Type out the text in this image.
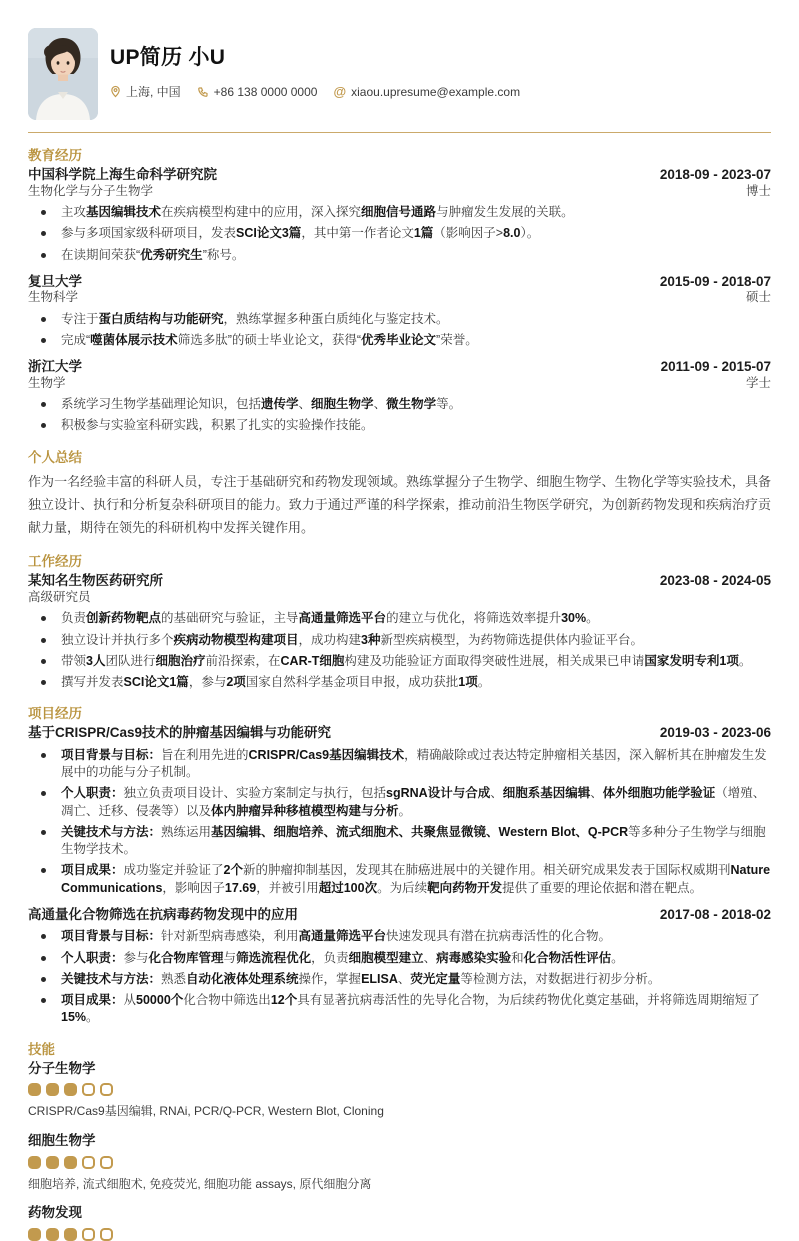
UP简历 小U
上海, 中国	+86 138 0000 0000 @ xiaou.upresume@example.com
教育经历
中国科学院上海生命科学研究院	2018-09 - 2023-07
生物化学与分子生物学	博士
主攻基因编辑技术在疾病模型构建中的应用，深入探究细胞信号通路与肿瘤发生发展的关联。
参与多项国家级科研项目，发表SCI论文3篇，其中第一作者论文1篇（影响因子>8.0）。
在读期间荣获“优秀研究生”称号。
复旦大学	2015-09 - 2018-07
生物科学	硕士
专注于蛋白质结构与功能研究，熟练掌握多种蛋白质纯化与鉴定技术。
完成“噬菌体展示技术筛选多肽”的硕士毕业论文，获得“优秀毕业论文”荣誉。
浙江大学	2011-09 - 2015-07
生物学	学士
系统学习生物学基础理论知识，包括遗传学、细胞生物学、微生物学等。
积极参与实验室科研实践，积累了扎实的实验操作技能。
个人总结

作为一名经验丰富的科研人员，专注于基础研究和药物发现领域。熟练掌握分子生物学、细胞生物学、生物化学等实验技术，具备独立设计、执行和分析复杂科研项目的能力。致力于通过严谨的科学探索，推动前沿生物医学研究，为创新药物发现和疾病治疗贡献力量，期待在领先的科研机构中发挥关键作用。

工作经历
某知名生物医药研究所	2023-08 - 2024-05
高级研究员
负责创新药物靶点的基础研究与验证，主导高通量筛选平台的建立与优化，将筛选效率提升30%。
独立设计并执行多个疾病动物模型构建项目，成功构建3种新型疾病模型，为药物筛选提供体内验证平台。
带领3人团队进行细胞治疗前沿探索，在CAR-T细胞构建及功能验证方面取得突破性进展，相关成果已申请国家发明专利1项。
撰写并发表SCI论文1篇，参与2项国家自然科学基金项目申报，成功获批1项。
项目经历
基于CRISPR/Cas9技术的肿瘤基因编辑与功能研究	2019-03 - 2023-06
项目背景与目标：旨在利用先进的CRISPR/Cas9基因编辑技术，精确敲除或过表达特定肿瘤相关基因，深入解析其在肿瘤发生发展中的功能与分子机制。
个人职责：独立负责项目设计、实验方案制定与执行，包括sgRNA设计与合成、细胞系基因编辑、体外细胞功能学验证（增殖、凋亡、迁移、侵袭等）以及体内肿瘤异种移植模型构建与分析。
关键技术与方法：熟练运用基因编辑、细胞培养、流式细胞术、共聚焦显微镜、Western Blot、Q-PCR等多种分子生物学与细胞生物学技术。
项目成果：成功鉴定并验证了2个新的肿瘤抑制基因，发现其在肺癌进展中的关键作用。相关研究成果发表于国际权威期刊Nature Communications，影响因子17.69，并被引用超过100次。为后续靶向药物开发提供了重要的理论依据和潜在靶点。
高通量化合物筛选在抗病毒药物发现中的应用	2017-08 - 2018-02
项目背景与目标：针对新型病毒感染，利用高通量筛选平台快速发现具有潜在抗病毒活性的化合物。
个人职责：参与化合物库管理与筛选流程优化，负责细胞模型建立、病毒感染实验和化合物活性评估。
关键技术与方法：熟悉自动化液体处理系统操作，掌握ELISA、荧光定量等检测方法，对数据进行初步分析。
项目成果：从50000个化合物中筛选出12个具有显著抗病毒活性的先导化合物，为后续药物优化奠定基础，并将筛选周期缩短了15%。
技能
分子生物学
CRISPR/Cas9基因编辑, RNAi, PCR/Q-PCR, Western Blot, Cloning
细胞生物学
细胞培养, 流式细胞术, 免疫荧光, 细胞功能 assays, 原代细胞分离
药物发现
